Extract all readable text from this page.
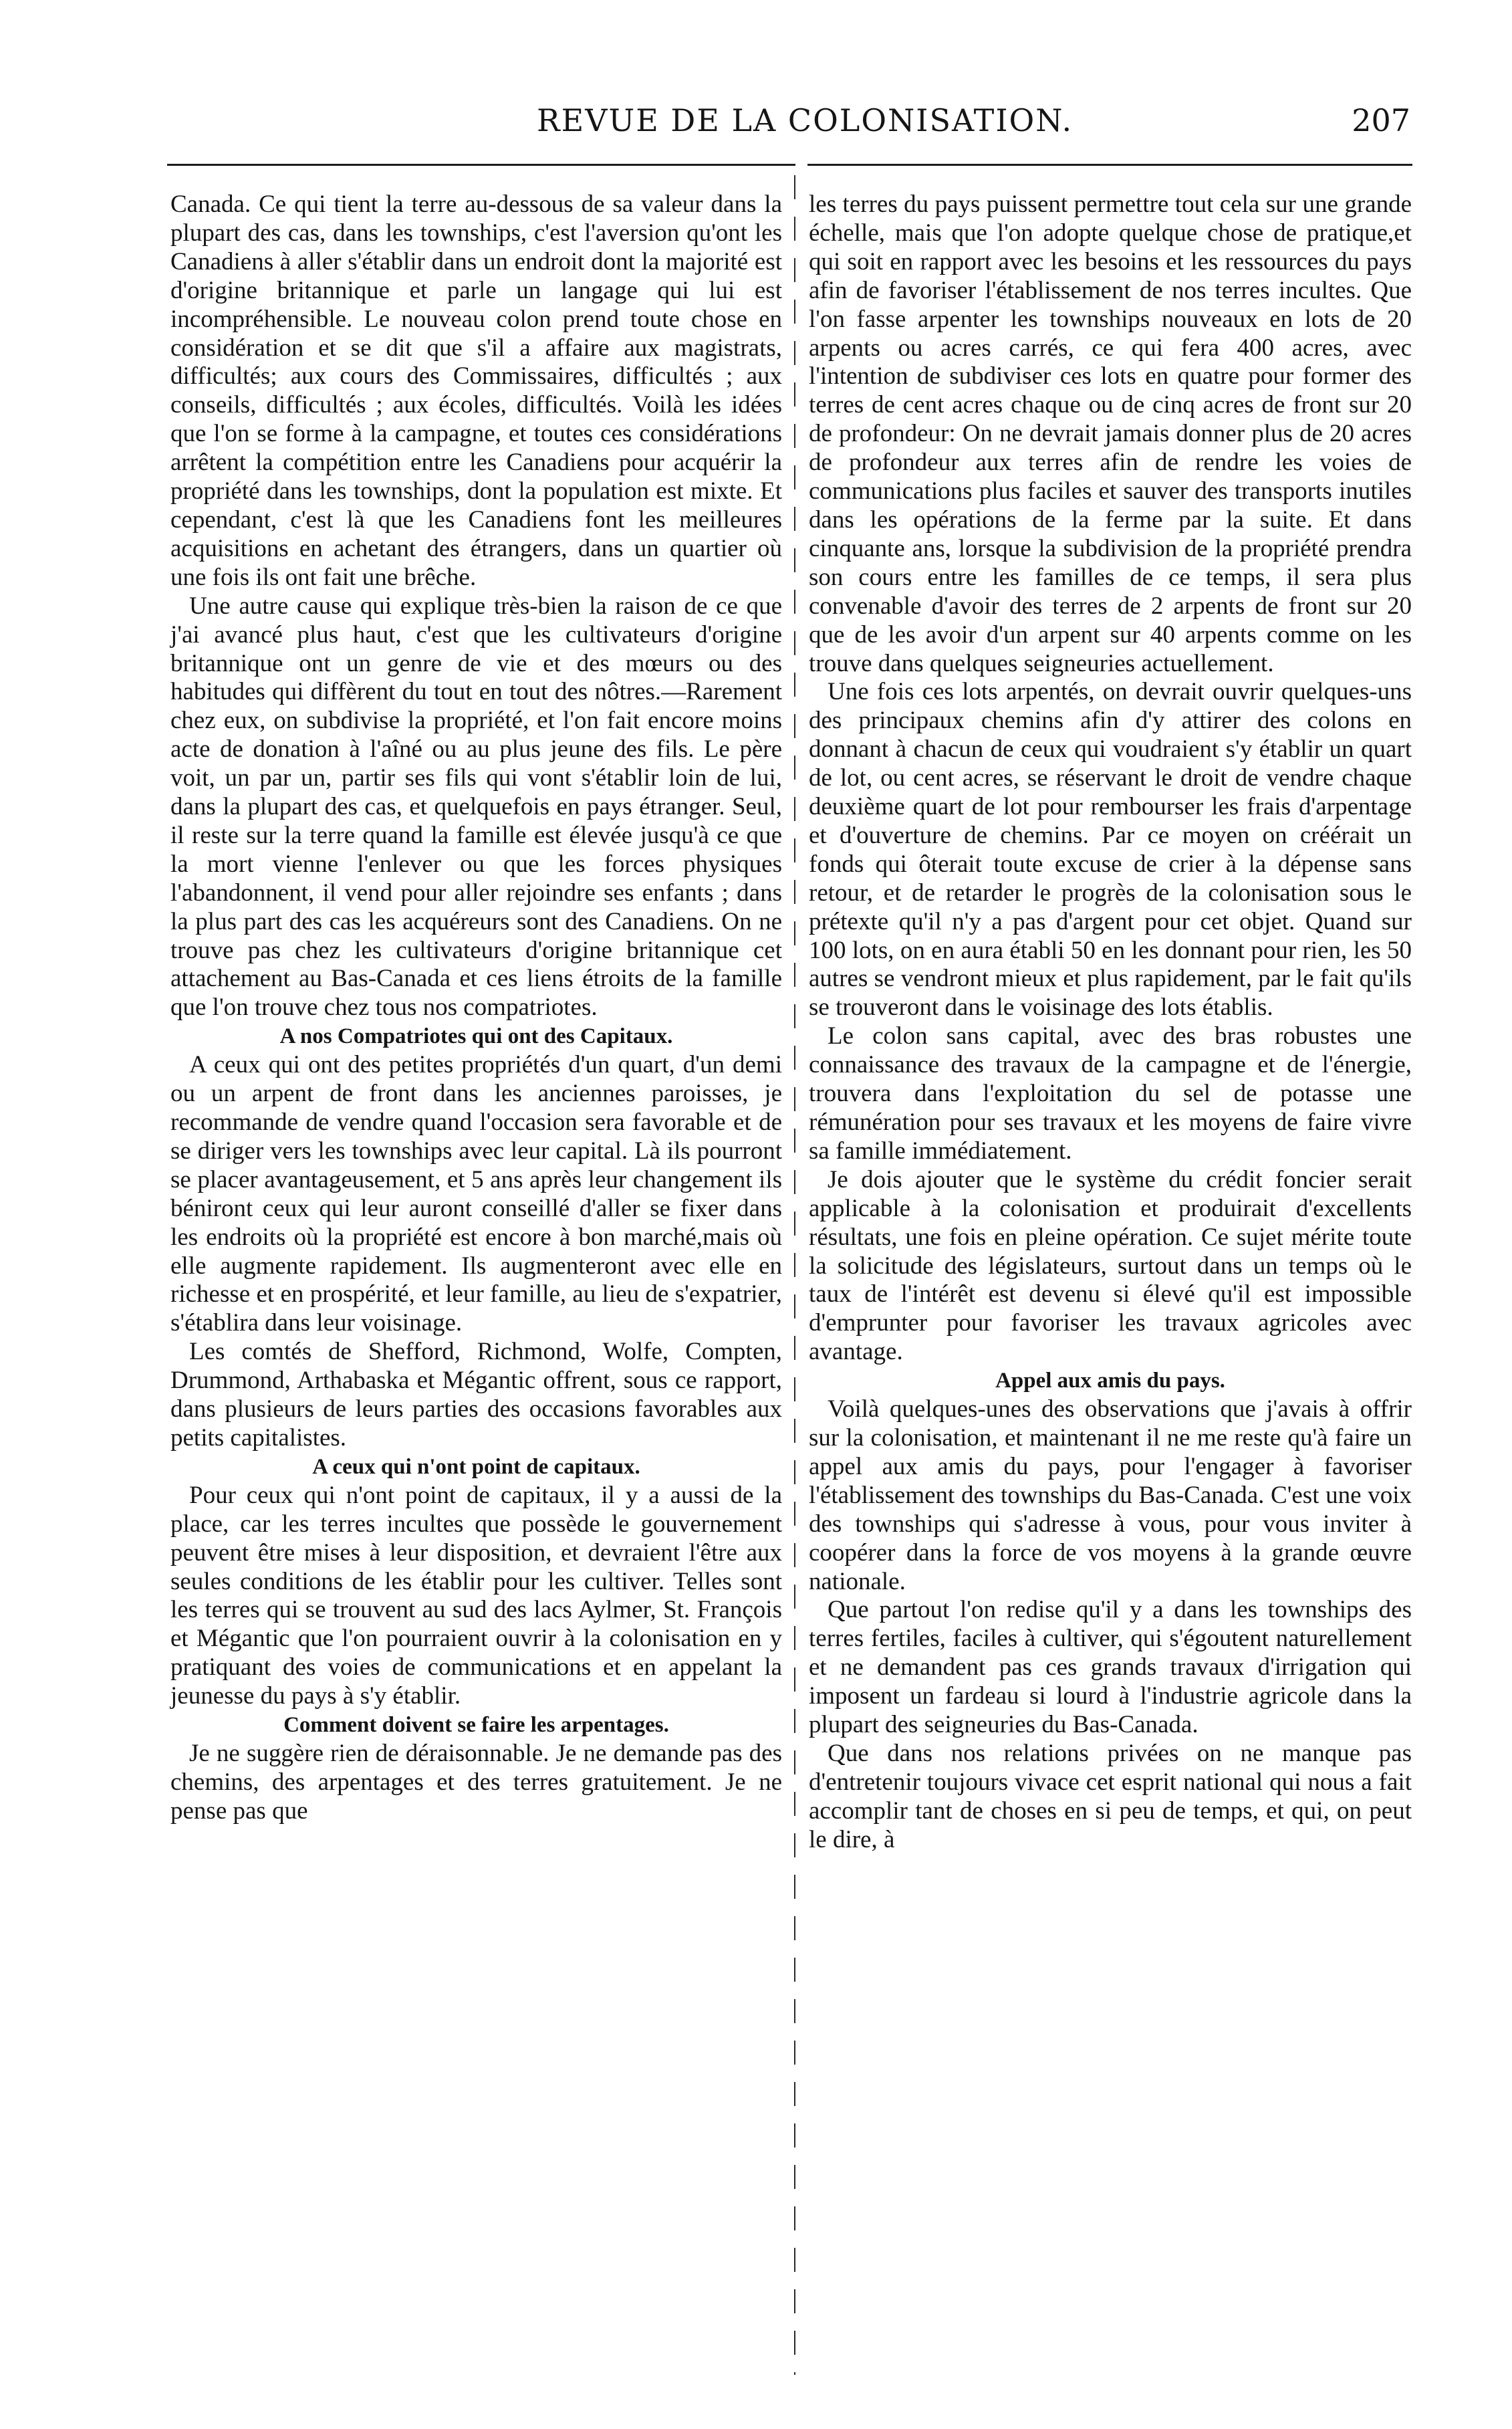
REVUE DE LA COLONISATION.	207

Canada. Ce qui tient la terre au-dessous de sa valeur dans la plupart des cas, dans les townships, c'est l'aversion qu'ont les Canadiens à aller s'établir dans un endroit dont la majorité est d'origine britannique et parle un langage qui lui est incompréhensible. Le nouveau colon prend toute chose en considération et se dit que s'il a affaire aux magistrats, difficultés; aux cours des Commissaires, difficultés ; aux conseils, difficultés ; aux écoles, difficultés. Voilà les idées que l'on se forme à la campagne, et toutes ces considérations arrêtent la compétition entre les Canadiens pour acquérir la propriété dans les townships, dont la population est mixte. Et cependant, c'est là que les Canadiens font les meilleures acquisitions en achetant des étrangers, dans un quartier où une fois ils ont fait une brêche.

Une autre cause qui explique très-bien la raison de ce que j'ai avancé plus haut, c'est que les cultivateurs d'origine britannique ont un genre de vie et des mœurs ou des habitudes qui diffèrent du tout en tout des nôtres.—Rarement chez eux, on subdivise la propriété, et l'on fait encore moins acte de donation à l'aîné ou au plus jeune des fils. Le père voit, un par un, partir ses fils qui vont s'établir loin de lui, dans la plupart des cas, et quelquefois en pays étranger. Seul, il reste sur la terre quand la famille est élevée jusqu'à ce que la mort vienne l'enlever ou que les forces physiques l'abandonnent, il vend pour aller rejoindre ses enfants ; dans la plus part des cas les acquéreurs sont des Canadiens. On ne trouve pas chez les cultivateurs d'origine britannique cet attachement au Bas-Canada et ces liens étroits de la famille que l'on trouve chez tous nos compatriotes.

A nos Compatriotes qui ont des Capitaux.

A ceux qui ont des petites propriétés d'un quart, d'un demi ou un arpent de front dans les anciennes paroisses, je recommande de vendre quand l'occasion sera favorable et de se diriger vers les townships avec leur capital. Là ils pourront se placer avantageusement, et 5 ans après leur changement ils béniront ceux qui leur auront conseillé d'aller se fixer dans les endroits où la propriété est encore à bon marché,mais où elle augmente rapidement. Ils augmenteront avec elle en richesse et en prospérité, et leur famille, au lieu de s'expatrier, s'établira dans leur voisinage.

Les comtés de Shefford, Richmond, Wolfe, Compten, Drummond, Arthabaska et Mégantic offrent, sous ce rapport, dans plusieurs de leurs parties des occasions favorables aux petits capitalistes.

A ceux qui n'ont point de capitaux.

Pour ceux qui n'ont point de capitaux, il y a aussi de la place, car les terres incultes que possède le gouvernement peuvent être mises à leur disposition, et devraient l'être aux seules conditions de les établir pour les cultiver. Telles sont les terres qui se trouvent au sud des lacs Aylmer, St. François et Mégantic que l'on pourraient ouvrir à la colonisation en y pratiquant des voies de communications et en appelant la jeunesse du pays à s'y établir.

Comment doivent se faire les arpentages.

Je ne suggère rien de déraisonnable. Je ne demande pas des chemins, des arpentages et des terres gratuitement. Je ne pense pas que

les terres du pays puissent permettre tout cela sur une grande échelle, mais que l'on adopte quelque chose de pratique,et qui soit en rapport avec les besoins et les ressources du pays afin de favoriser l'établissement de nos terres incultes. Que l'on fasse arpenter les townships nouveaux en lots de 20 arpents ou acres carrés, ce qui fera 400 acres, avec l'intention de subdiviser ces lots en quatre pour former des terres de cent acres chaque ou de cinq acres de front sur 20 de profondeur: On ne devrait jamais donner plus de 20 acres de profondeur aux terres afin de rendre les voies de communications plus faciles et sauver des transports inutiles dans les opérations de la ferme par la suite. Et dans cinquante ans, lorsque la subdivision de la propriété prendra son cours entre les familles de ce temps, il sera plus convenable d'avoir des terres de 2 arpents de front sur 20 que de les avoir d'un arpent sur 40 arpents comme on les trouve dans quelques seigneuries actuellement.

Une fois ces lots arpentés, on devrait ouvrir quelques-uns des principaux chemins afin d'y attirer des colons en donnant à chacun de ceux qui voudraient s'y établir un quart de lot, ou cent acres, se réservant le droit de vendre chaque deuxième quart de lot pour rembourser les frais d'arpentage et d'ouverture de chemins. Par ce moyen on créérait un fonds qui ôterait toute excuse de crier à la dépense sans retour, et de retarder le progrès de la colonisation sous le prétexte qu'il n'y a pas d'argent pour cet objet. Quand sur 100 lots, on en aura établi 50 en les donnant pour rien, les 50 autres se vendront mieux et plus rapidement, par le fait qu'ils se trouveront dans le voisinage des lots établis.

Le colon sans capital, avec des bras robustes une connaissance des travaux de la campagne et de l'énergie, trouvera dans l'exploitation du sel de potasse une rémunération pour ses travaux et les moyens de faire vivre sa famille immédiatement.

Je dois ajouter que le système du crédit foncier serait applicable à la colonisation et produirait d'excellents résultats, une fois en pleine opération. Ce sujet mérite toute la solicitude des législateurs, surtout dans un temps où le taux de l'intérêt est devenu si élevé qu'il est impossible d'emprunter pour favoriser les travaux agricoles avec avantage.

Appel aux amis du pays.

Voilà quelques-unes des observations que j'avais à offrir sur la colonisation, et maintenant il ne me reste qu'à faire un appel aux amis du pays, pour l'engager à favoriser l'établissement des townships du Bas-Canada. C'est une voix des townships qui s'adresse à vous, pour vous inviter à coopérer dans la force de vos moyens à la grande œuvre nationale.

Que partout l'on redise qu'il y a dans les townships des terres fertiles, faciles à cultiver, qui s'égoutent naturellement et ne demandent pas ces grands travaux d'irrigation qui imposent un fardeau si lourd à l'industrie agricole dans la plupart des seigneuries du Bas-Canada.

Que dans nos relations privées on ne manque pas d'entretenir toujours vivace cet esprit national qui nous a fait accomplir tant de choses en si peu de temps, et qui, on peut le dire, à
